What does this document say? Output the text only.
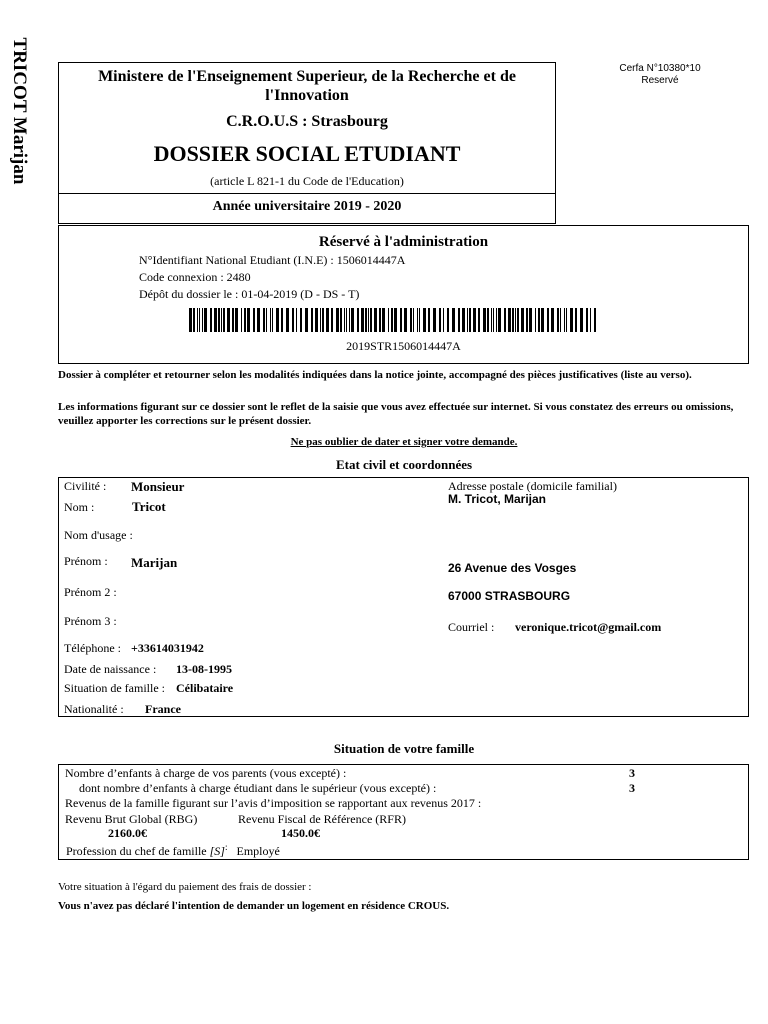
TRICOT Marijan	Cerfa N°10380*10
Reservé
Ministere de l'Enseignement Superieur, de la Recherche et de l'Innovation
C.R.O.U.S : Strasbourg
DOSSIER SOCIAL ETUDIANT
(article L 821-1 du Code de l'Education)
Année universitaire 2019 - 2020
Réservé à l'administration
N°Identifiant National Etudiant (I.N.E) : 1506014447A
Code connexion : 2480
Dépôt du dossier le : 01-04-2019 (D - DS - T)
2019STR1506014447A
Dossier à compléter et retourner selon les modalités indiquées dans la notice jointe, accompagné des pièces justificatives (liste au verso).
Les informations figurant sur ce dossier sont le reflet de la saisie que vous avez effectuée sur internet. Si vous constatez des erreurs ou omissions, veuillez apporter les corrections sur le présent dossier.
Ne pas oublier de dater et signer votre demande.
Etat civil et coordonnées
Civilité : Monsieur
Nom :	Tricot
Nom d'usage :
Prénom : Marijan
Prénom 2 :
Prénom 3 :
Téléphone : +33614031942
Date de naissance : 13-08-1995
Situation de famille : Célibataire
Nationalité : France
Adresse postale (domicile familial)
M. Tricot, Marijan
26 Avenue des Vosges
67000 STRASBOURG
Courriel : veronique.tricot@gmail.com
Situation de votre famille
Nombre d’enfants à charge de vos parents (vous excepté) :	3
dont nombre d’enfants à charge étudiant dans le supérieur (vous excepté) :	3
Revenus de la famille figurant sur l’avis d’imposition se rapportant aux revenus 2017 :
Revenu Brut Global (RBG)	Revenu Fiscal de Référence (RFR)
2160.0€	1450.0€
Profession du chef de famille [S]: Employé
Votre situation à l'égard du paiement des frais de dossier :
Vous n'avez pas déclaré l'intention de demander un logement en résidence CROUS.
